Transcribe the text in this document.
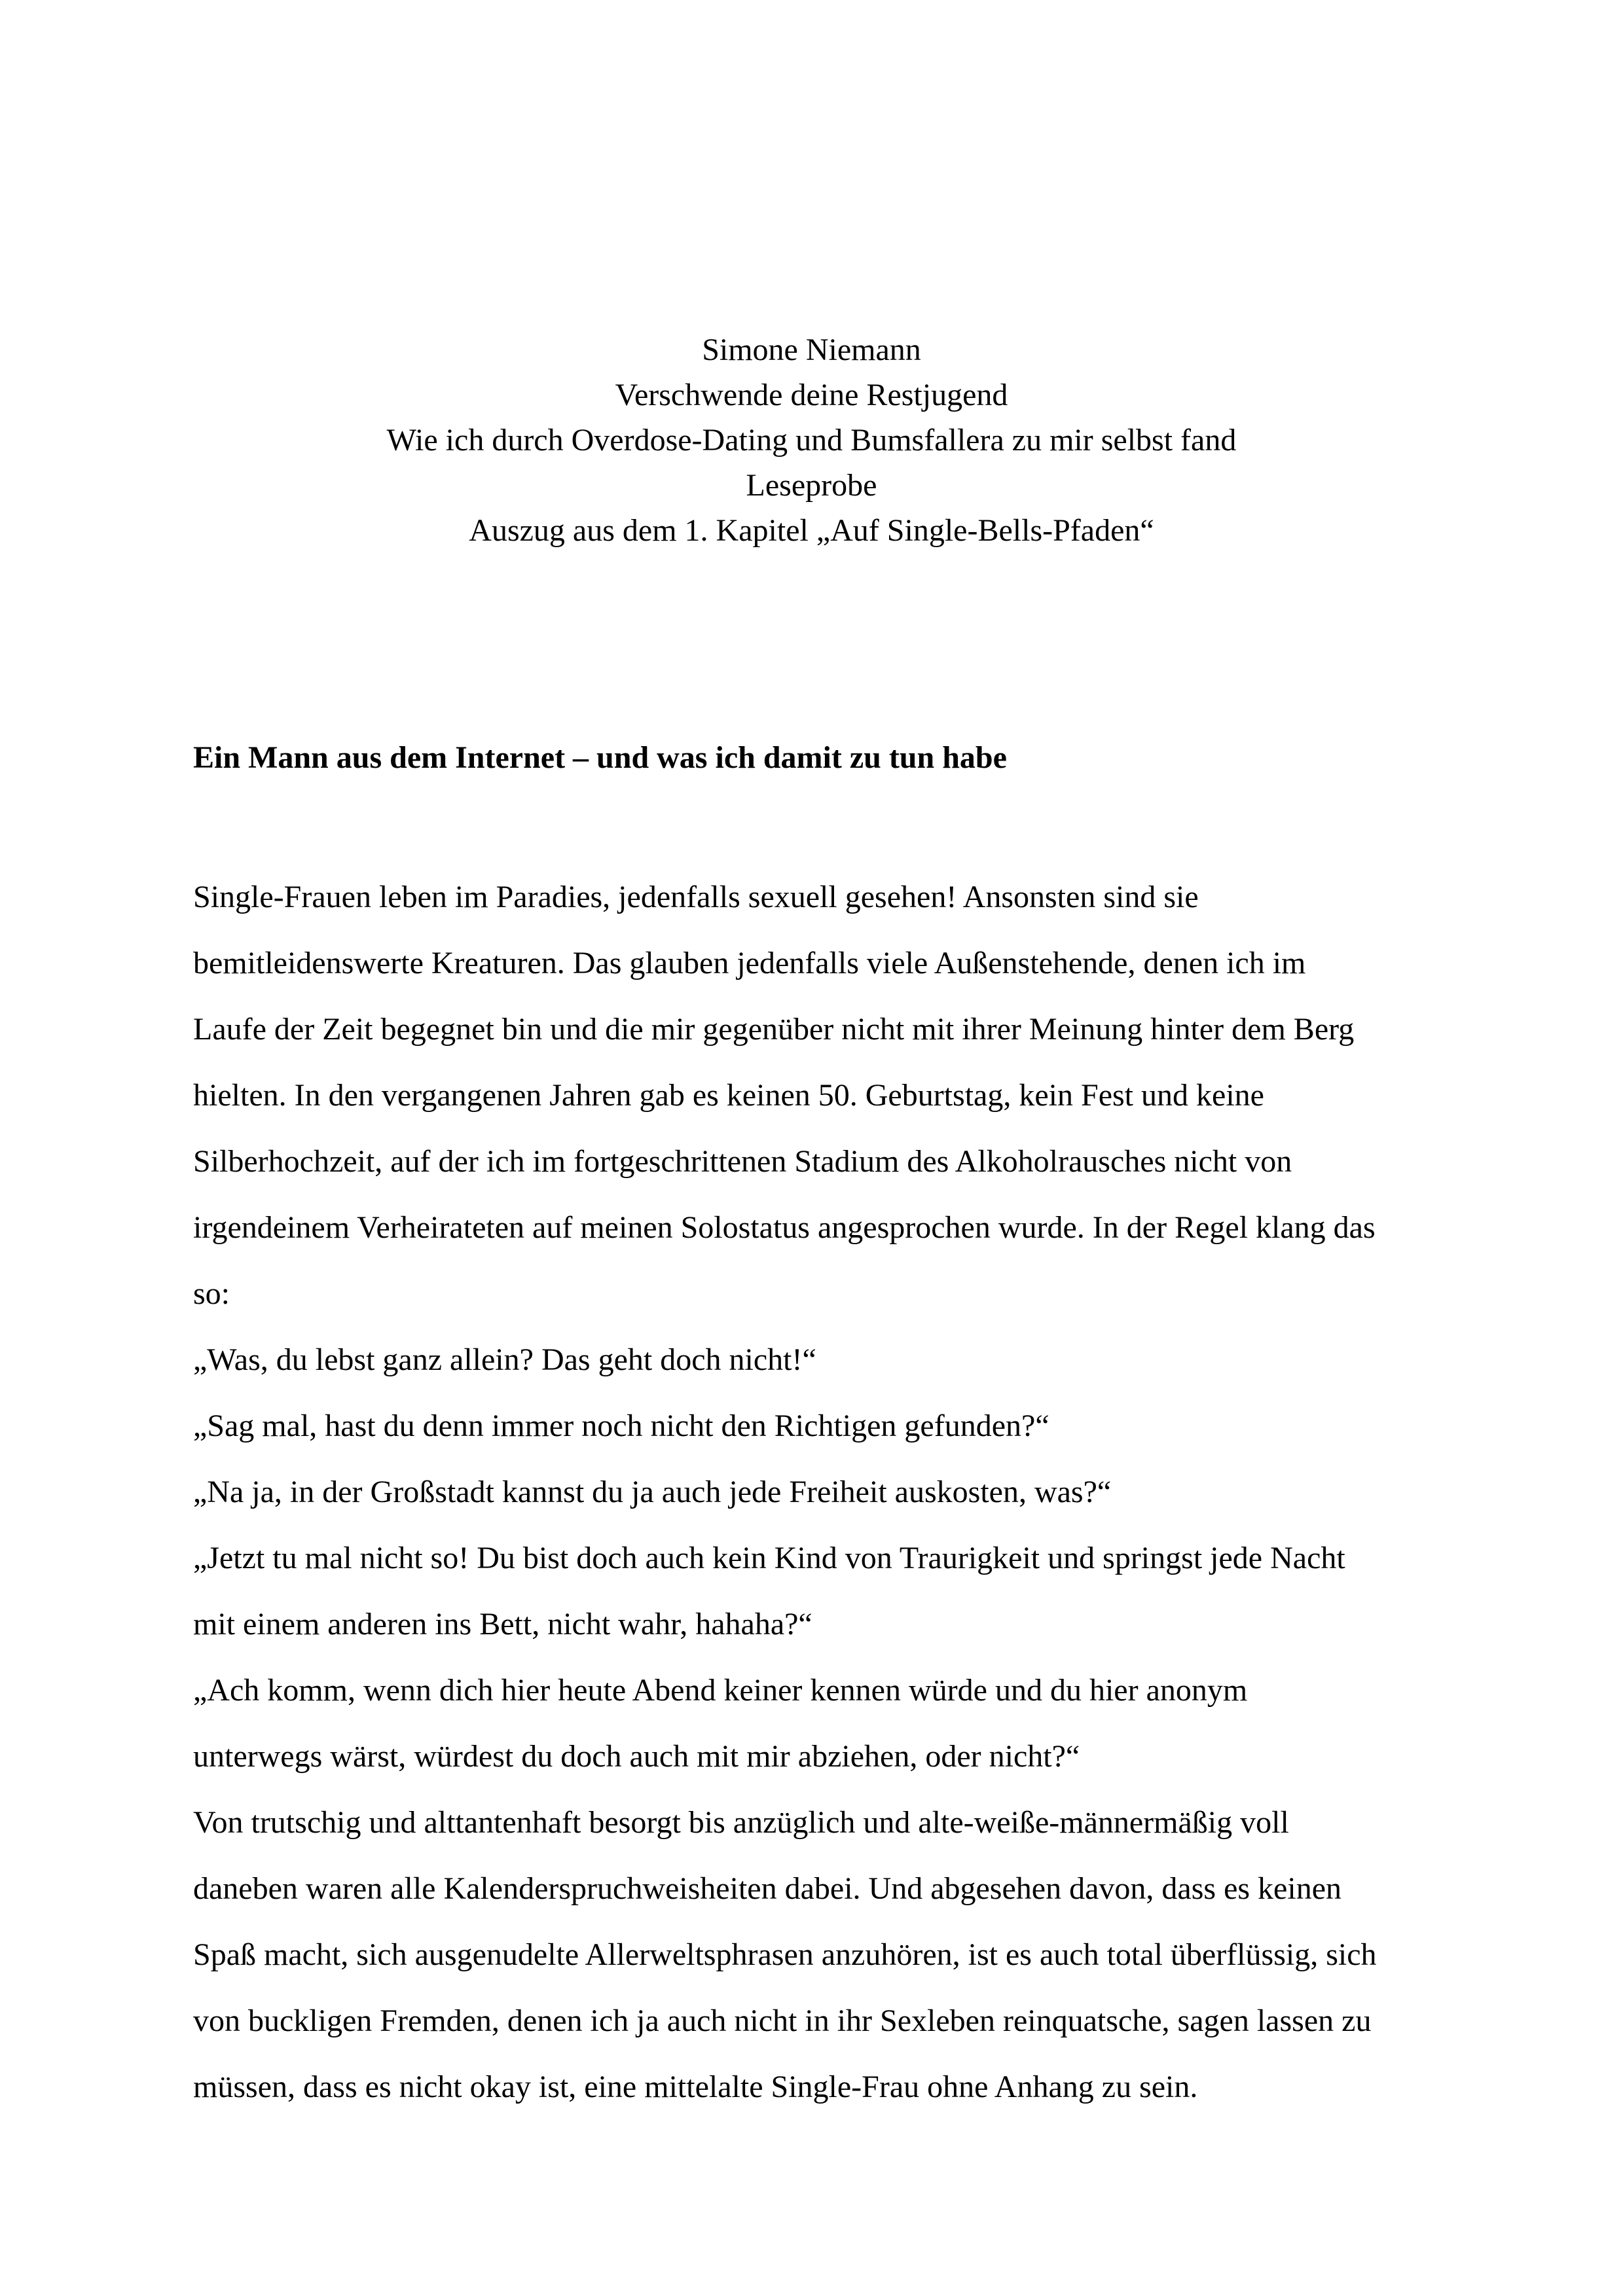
Simone Niemann
Verschwende deine Restjugend
Wie ich durch Overdose-Dating und Bumsfallera zu mir selbst fand
Leseprobe
Auszug aus dem 1. Kapitel „Auf Single-Bells-Pfaden“
Ein Mann aus dem Internet – und was ich damit zu tun habe
Single-Frauen leben im Paradies, jedenfalls sexuell gesehen! Ansonsten sind sie
bemitleidenswerte Kreaturen. Das glauben jedenfalls viele Außenstehende, denen ich im
Laufe der Zeit begegnet bin und die mir gegenüber nicht mit ihrer Meinung hinter dem Berg
hielten. In den vergangenen Jahren gab es keinen 50. Geburtstag, kein Fest und keine
Silberhochzeit, auf der ich im fortgeschrittenen Stadium des Alkoholrausches nicht von
irgendeinem Verheirateten auf meinen Solostatus angesprochen wurde. In der Regel klang das
so:
„Was, du lebst ganz allein? Das geht doch nicht!“
„Sag mal, hast du denn immer noch nicht den Richtigen gefunden?“
„Na ja, in der Großstadt kannst du ja auch jede Freiheit auskosten, was?“
„Jetzt tu mal nicht so! Du bist doch auch kein Kind von Traurigkeit und springst jede Nacht
mit einem anderen ins Bett, nicht wahr, hahaha?“
„Ach komm, wenn dich hier heute Abend keiner kennen würde und du hier anonym
unterwegs wärst, würdest du doch auch mit mir abziehen, oder nicht?“
Von trutschig und alttantenhaft besorgt bis anzüglich und alte-weiße-männermäßig voll
daneben waren alle Kalenderspruchweisheiten dabei. Und abgesehen davon, dass es keinen
Spaß macht, sich ausgenudelte Allerweltsphrasen anzuhören, ist es auch total überflüssig, sich
von buckligen Fremden, denen ich ja auch nicht in ihr Sexleben reinquatsche, sagen lassen zu
müssen, dass es nicht okay ist, eine mittelalte Single-Frau ohne Anhang zu sein.
